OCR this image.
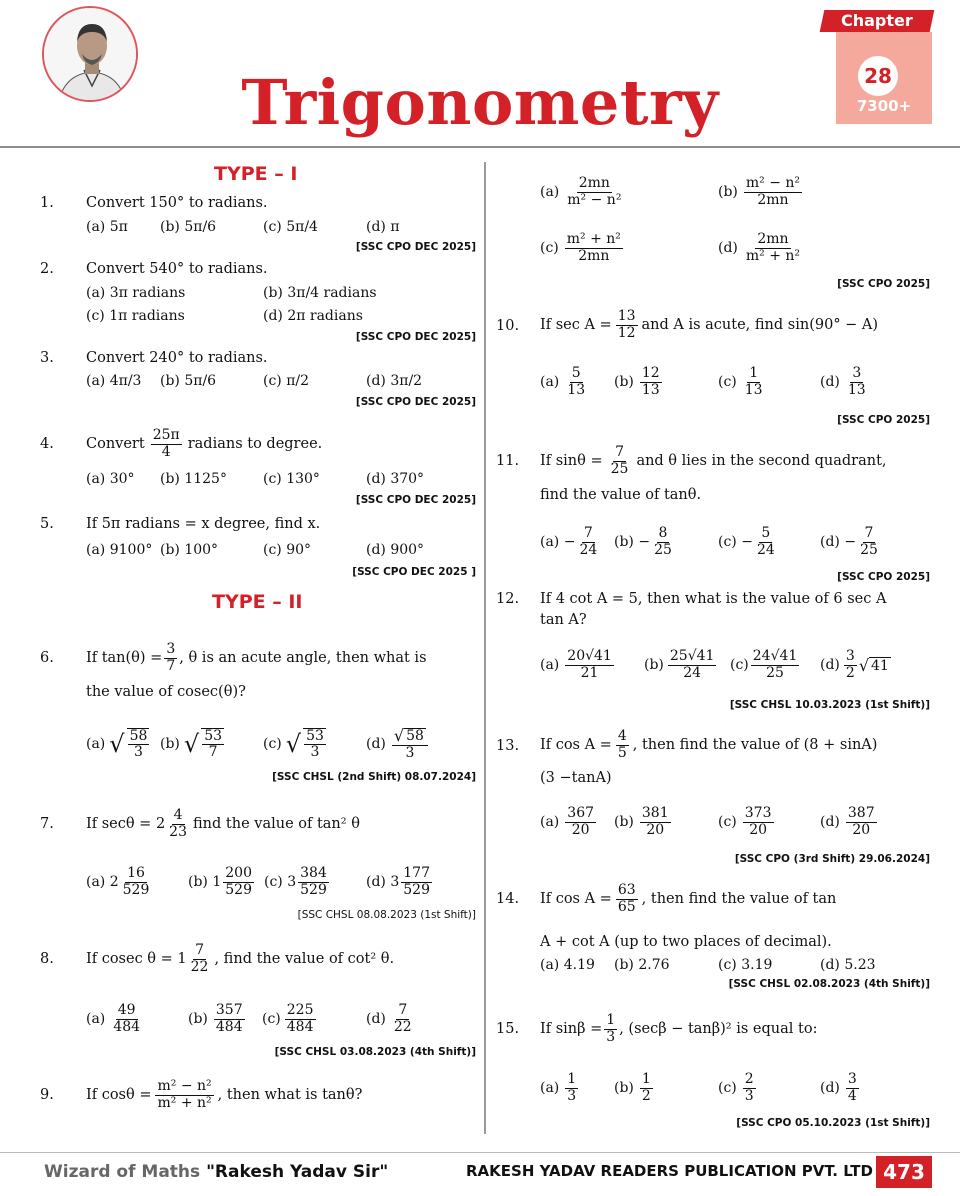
Trigonometry
Chapter
28
7300+
TYPE – I
1. Convert 150° to radians.
(a) 5π (b) 5π/6	(c) 5π/4	(d) π
[SSC CPO DEC 2025]
2. Convert 540° to radians.
(a) 3π radians	(b) 3π/4 radians
(c) 1π radians	(d) 2π radians
[SSC CPO DEC 2025]
3. Convert 240° to radians.
(a) 4π/3 (b) 5π/6	(c) π/2	(d) 3π/2
[SSC CPO DEC 2025]
4. Convert $\frac{25\pi}{4}$ radians to degree.
(a) 30° (b) 1125°	(c) 130°	(d) 370°
[SSC CPO DEC 2025]
5. If 5π radians = x degree, find x.
(a) 9100° (b) 100°	(c) 90°	(d) 900°
[SSC CPO DEC 2025 ]
TYPE – II
6. If $\tan(\theta) = \frac{3}{7}$ , θ is an acute angle, then what is
the value of cosec(θ)?
(a) √ $\frac{58}{3} (b)$ √ $\frac{53}{7}$	(c) √ $\frac{53}{3}$	$(d) \frac{√ 58}{3}$
[SSC CHSL (2nd Shift) 08.07.2024]
7. If $\sec\theta = 2 \frac{4}{23}$ find the value of tan² θ
(a) $2 \frac{16}{529}$	(b) $1 \frac{200}{529} (c)$ $3 \frac{384}{529}$	(d) $3 \frac{177}{529}$
[SSC CHSL 08.08.2023 (1st Shift)]
8. If cosec $\theta = 1 \frac{7}{22}$ , find the value of cot² θ.
$(a) \frac{49}{484}$	$(b) \frac{357}{484} (c) \frac{225}{484}$	$(d) \frac{7}{22}$
[SSC CHSL 03.08.2023 (4th Shift)]
9. If $\cos\theta = \frac{\text{m² − n²}}{\text{m² + n²}}$ , then what is tanθ?
$(a) \frac{2mn}{\text{m² − n²}}$	$(b) \frac{\text{m² − n²}}{2mn}$
$(c) \frac{\text{m² + n²}}{2mn}$	$(d) \frac{2mn}{\text{m² + n²}}$
[SSC CPO 2025]
10. If $\sec A = \frac{13}{12}$ and A is acute, find sin(90° − A)
$(a) \frac{5}{13} (b) \frac{12}{13}$	$(c) \frac{1}{13}$	$(d) \frac{3}{13}$
[SSC CPO 2025]
11. If $\sin\theta = \frac{7}{25}$ and θ lies in the second quadrant,
find the value of tanθ.
$(a) - \frac{7}{24} (b) - \frac{8}{25}$	$(c) - \frac{5}{24}$	$(d) - \frac{7}{25}$
[SSC CPO 2025]
12. If 4 cot A = 5, then what is the value of 6 sec A
tan A?
$(a) \frac{20√41}{21} (b) \frac{25√41}{24} (c) \frac{24√41}{25} (d) \frac{3}{2}$ √ 41
[SSC CHSL 10.03.2023 (1st Shift)]
13. If $\cos A = \frac{4}{5}$ , then find the value of (8 + sinA)
(3 −tanA)
$(a) \frac{367}{20} (b) \frac{381}{20}$	$(c) \frac{373}{20}$	$(d) \frac{387}{20}$
[SSC CPO (3rd Shift) 29.06.2024]
14. If $\cos A = \frac{63}{65}$ , then find the value of tan
A + cot A (up to two places of decimal).
(a) 4.19 (b) 2.76	(c) 3.19	(d) 5.23
[SSC CHSL 02.08.2023 (4th Shift)]
15. If $\sin\beta = \frac{1}{3}$ , (secβ − tanβ)² is equal to:
$(a) \frac{1}{3}$	$(b) \frac{1}{2}$	$(c) \frac{2}{3}$	$(d) \frac{3}{4}$
[SSC CPO 05.10.2023 (1st Shift)]
Wizard of Maths "Rakesh Yadav Sir"	RAKESH YADAV READERS PUBLICATION PVT. LTD 473
